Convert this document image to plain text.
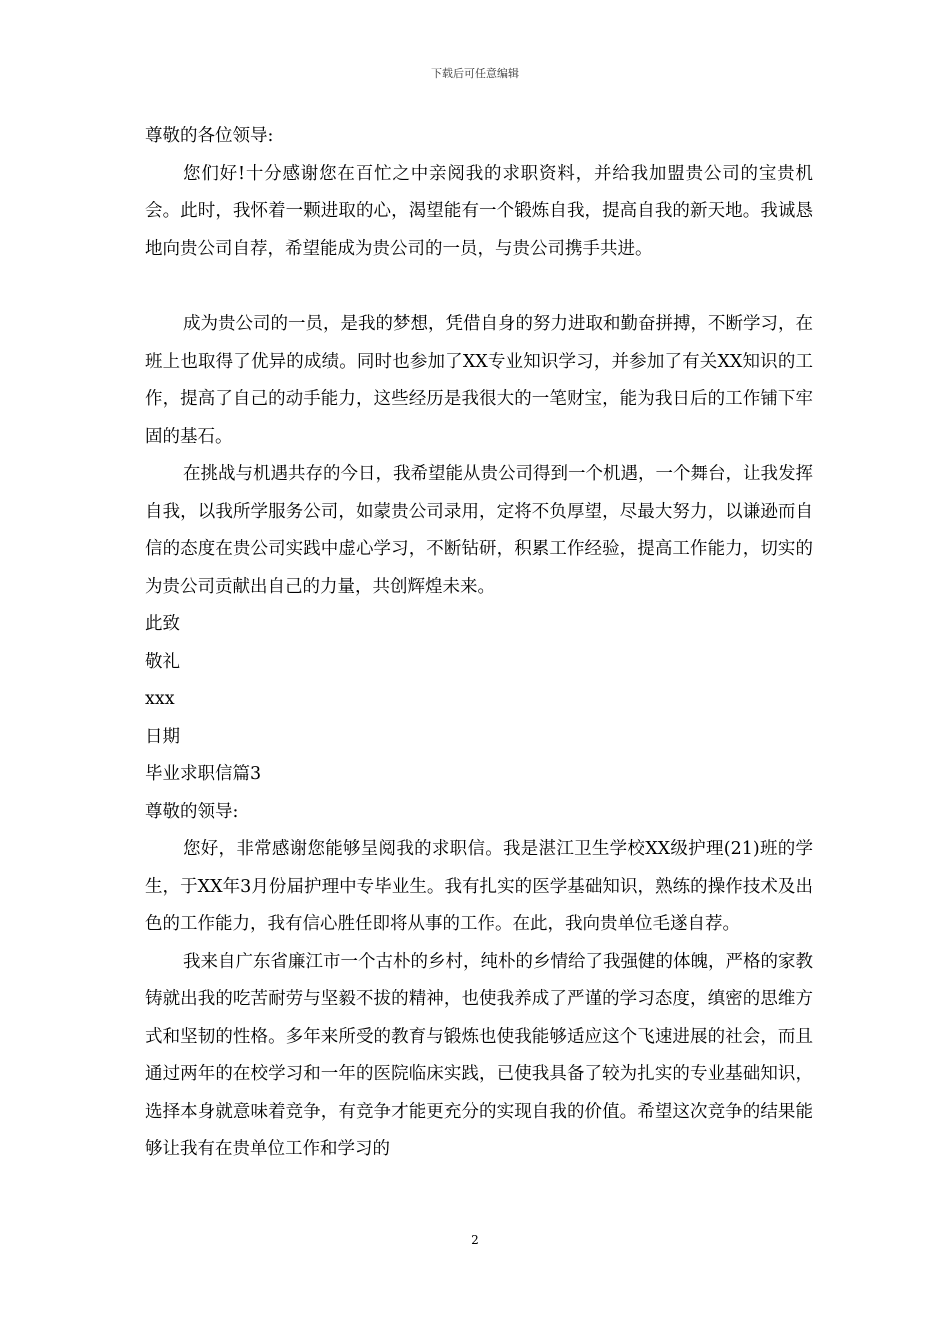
下载后可任意编辑

尊敬的各位领导:

您们好!十分感谢您在百忙之中亲阅我的求职资料，并给我加盟贵公司的宝贵机会。此时，我怀着一颗进取的心，渴望能有一个锻炼自我，提高自我的新天地。我诚恳地向贵公司自荐，希望能成为贵公司的一员，与贵公司携手共进。

成为贵公司的一员，是我的梦想，凭借自身的努力进取和勤奋拼搏，不断学习，在班上也取得了优异的成绩。同时也参加了XX专业知识学习，并参加了有关XX知识的工作，提高了自己的动手能力，这些经历是我很大的一笔财宝，能为我日后的工作铺下牢固的基石。

在挑战与机遇共存的今日，我希望能从贵公司得到一个机遇，一个舞台，让我发挥自我，以我所学服务公司，如蒙贵公司录用，定将不负厚望，尽最大努力，以谦逊而自信的态度在贵公司实践中虚心学习，不断钻研，积累工作经验，提高工作能力，切实的为贵公司贡献出自己的力量，共创辉煌未来。

此致

敬礼

xxx

日期

毕业求职信篇3

尊敬的领导:

您好，非常感谢您能够呈阅我的求职信。我是湛江卫生学校XX级护理(21)班的学生，于XX年3月份届护理中专毕业生。我有扎实的医学基础知识，熟练的操作技术及出色的工作能力，我有信心胜任即将从事的工作。在此，我向贵单位毛遂自荐。

我来自广东省廉江市一个古朴的乡村，纯朴的乡情给了我强健的体魄，严格的家教铸就出我的吃苦耐劳与坚毅不拔的精神，也使我养成了严谨的学习态度，缜密的思维方式和坚韧的性格。多年来所受的教育与锻炼也使我能够适应这个飞速进展的社会，而且通过两年的在校学习和一年的医院临床实践，已使我具备了较为扎实的专业基础知识，选择本身就意味着竞争，有竞争才能更充分的实现自我的价值。希望这次竞争的结果能够让我有在贵单位工作和学习的

2
